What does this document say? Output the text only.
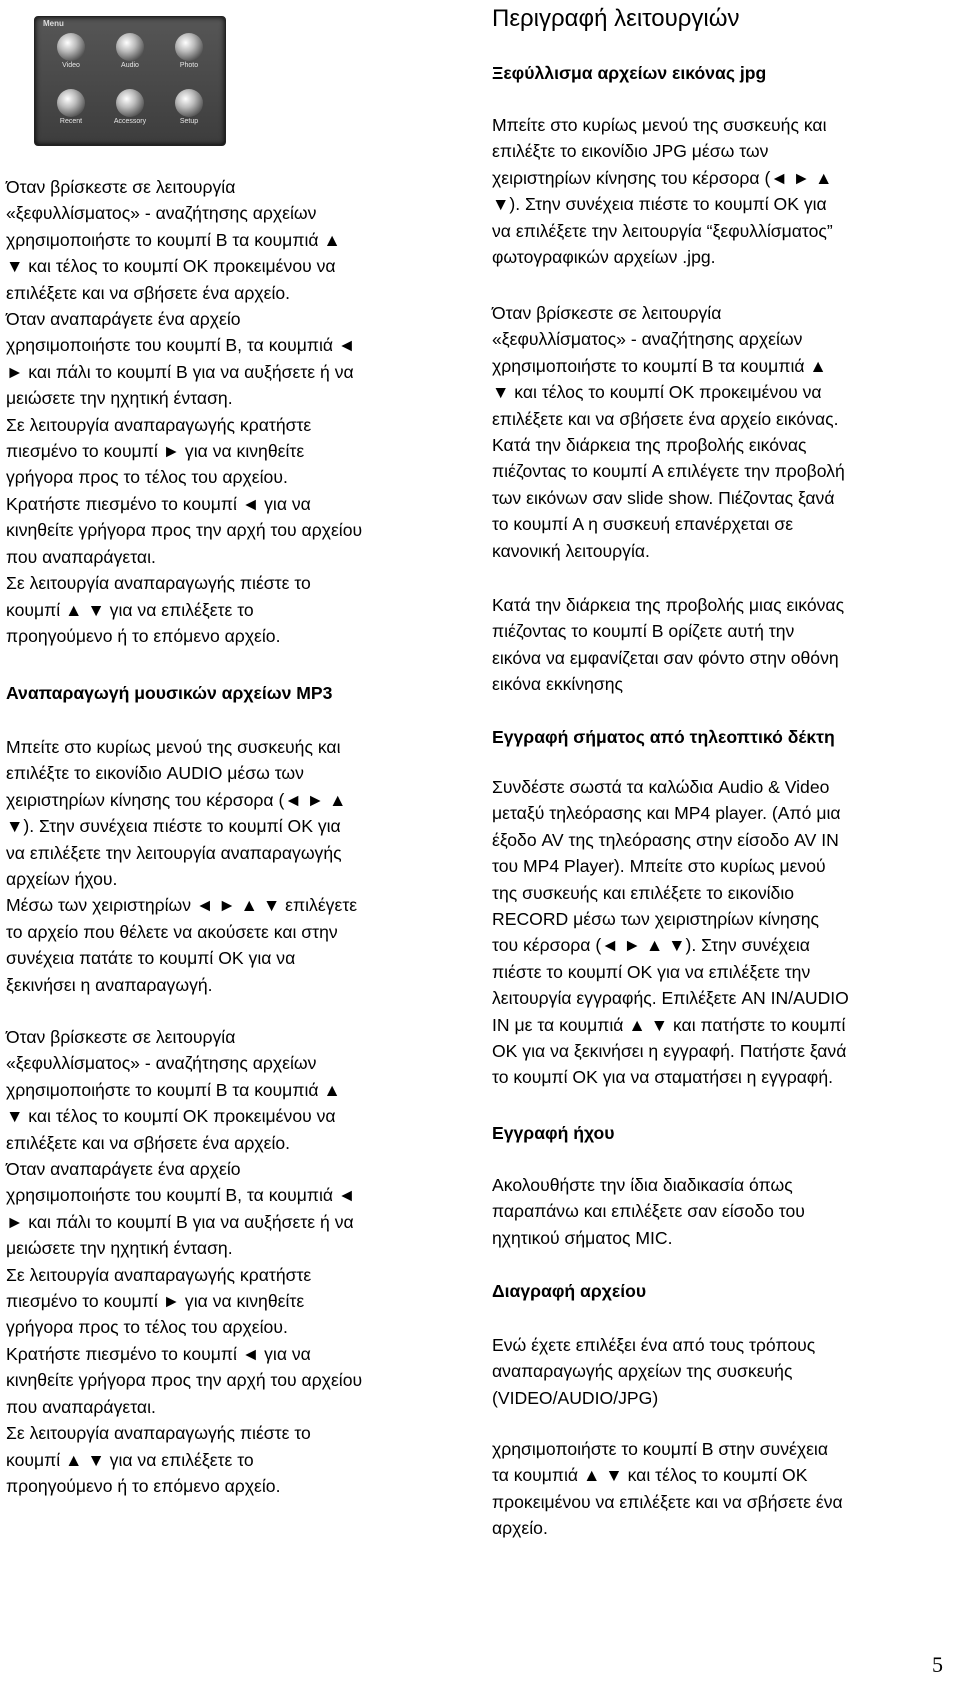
Menu
Video	Audio	Photo
Recent	Accessory	Setup

Όταν βρίσκεστε σε λειτουργία

«ξεφυλλίσματος» - αναζήτησης αρχείων

χρησιμοποιήστε το κουμπί B τα κουμπιά ▲

▼ και τέλος το κουμπί ΟΚ προκειμένου να

επιλέξετε και να σβήσετε ένα αρχείο.

Όταν αναπαράγετε ένα αρχείο

χρησιμοποιήστε του κουμπί B, τα κουμπιά ◄

► και πάλι το κουμπί B για να αυξήσετε ή να

μειώσετε την ηχητική ένταση.

Σε λειτουργία αναπαραγωγής κρατήστε

πιεσμένο το κουμπί ► για να κινηθείτε

γρήγορα προς το τέλος του αρχείου.

Κρατήστε πιεσμένο το κουμπί ◄ για να

κινηθείτε γρήγορα προς την αρχή του αρχείου

που αναπαράγεται.

Σε λειτουργία αναπαραγωγής πιέστε το

κουμπί ▲ ▼ για να επιλέξετε το

προηγούμενο ή το επόμενο αρχείο.

Αναπαραγωγή μουσικών αρχείων MP3

Μπείτε στο κυρίως μενού της συσκευής και

επιλέξτε το εικονίδιο AUDIO μέσω των

χειριστηρίων κίνησης του κέρσορα (◄ ► ▲

▼). Στην συνέχεια πιέστε το κουμπί ΟΚ για

να επιλέξετε την λειτουργία αναπαραγωγής

αρχείων ήχου.

Μέσω των χειριστηρίων ◄ ► ▲ ▼ επιλέγετε

το αρχείο που θέλετε να ακούσετε και στην

συνέχεια πατάτε το κουμπί ΟΚ για να

ξεκινήσει η αναπαραγωγή.

Όταν βρίσκεστε σε λειτουργία

«ξεφυλλίσματος» - αναζήτησης αρχείων

χρησιμοποιήστε το κουμπί B τα κουμπιά ▲

▼ και τέλος το κουμπί ΟΚ προκειμένου να

επιλέξετε και να σβήσετε ένα αρχείο.

Όταν αναπαράγετε ένα αρχείο

χρησιμοποιήστε του κουμπί B, τα κουμπιά ◄

► και πάλι το κουμπί B για να αυξήσετε ή να

μειώσετε την ηχητική ένταση.

Σε λειτουργία αναπαραγωγής κρατήστε

πιεσμένο το κουμπί ► για να κινηθείτε

γρήγορα προς το τέλος του αρχείου.

Κρατήστε πιεσμένο το κουμπί ◄ για να

κινηθείτε γρήγορα προς την αρχή του αρχείου

που αναπαράγεται.

Σε λειτουργία αναπαραγωγής πιέστε το

κουμπί ▲ ▼ για να επιλέξετε το

προηγούμενο ή το επόμενο αρχείο.

Περιγραφή λειτουργιών

Ξεφύλλισμα αρχείων εικόνας jpg

Μπείτε στο κυρίως μενού της συσκευής και

επιλέξτε το εικονίδιο JPG μέσω των

χειριστηρίων κίνησης του κέρσορα (◄ ► ▲

▼). Στην συνέχεια πιέστε το κουμπί ΟΚ για

να επιλέξετε την λειτουργία “ξεφυλλίσματος”

φωτογραφικών αρχείων .jpg.

Όταν βρίσκεστε σε λειτουργία

«ξεφυλλίσματος» - αναζήτησης αρχείων

χρησιμοποιήστε το κουμπί B τα κουμπιά ▲

▼ και τέλος το κουμπί ΟΚ προκειμένου να

επιλέξετε και να σβήσετε ένα αρχείο εικόνας.

Κατά την διάρκεια της προβολής εικόνας

πιέζοντας το κουμπί A επιλέγετε την προβολή

των εικόνων σαν slide show. Πιέζοντας ξανά

το κουμπί A η συσκευή επανέρχεται σε

κανονική λειτουργία.

Κατά την διάρκεια της προβολής μιας εικόνας

πιέζοντας το κουμπί B ορίζετε αυτή την

εικόνα να εμφανίζεται σαν φόντο στην οθόνη

εικόνα εκκίνησης

Εγγραφή σήματος από τηλεοπτικό δέκτη

Συνδέστε σωστά τα καλώδια Audio & Video

μεταξύ τηλεόρασης και MP4 player. (Από μια

έξοδο AV της τηλεόρασης στην είσοδο AV IN

του MP4 Player). Μπείτε στο κυρίως μενού

της συσκευής και επιλέξετε το εικονίδιο

RECORD μέσω των χειριστηρίων κίνησης

του κέρσορα (◄ ► ▲ ▼). Στην συνέχεια

πιέστε το κουμπί ΟΚ για να επιλέξετε την

λειτουργία εγγραφής. Επιλέξετε AN IN/AUDIO

IN με τα κουμπιά ▲ ▼ και πατήστε το κουμπί

ΟΚ για να ξεκινήσει η εγγραφή. Πατήστε ξανά

το κουμπί ΟΚ για να σταματήσει η εγγραφή.

Εγγραφή ήχου

Ακολουθήστε την ίδια διαδικασία όπως

παραπάνω και επιλέξετε σαν είσοδο του

ηχητικού σήματος MIC.

Διαγραφή αρχείου

Ενώ έχετε επιλέξει ένα από τους τρόπους

αναπαραγωγής αρχείων της συσκευής

(VIDEO/AUDIO/JPG)

χρησιμοποιήστε το κουμπί B στην συνέχεια

τα κουμπιά ▲ ▼ και τέλος το κουμπί ΟΚ

προκειμένου να επιλέξετε και να σβήσετε ένα

αρχείο.

5
